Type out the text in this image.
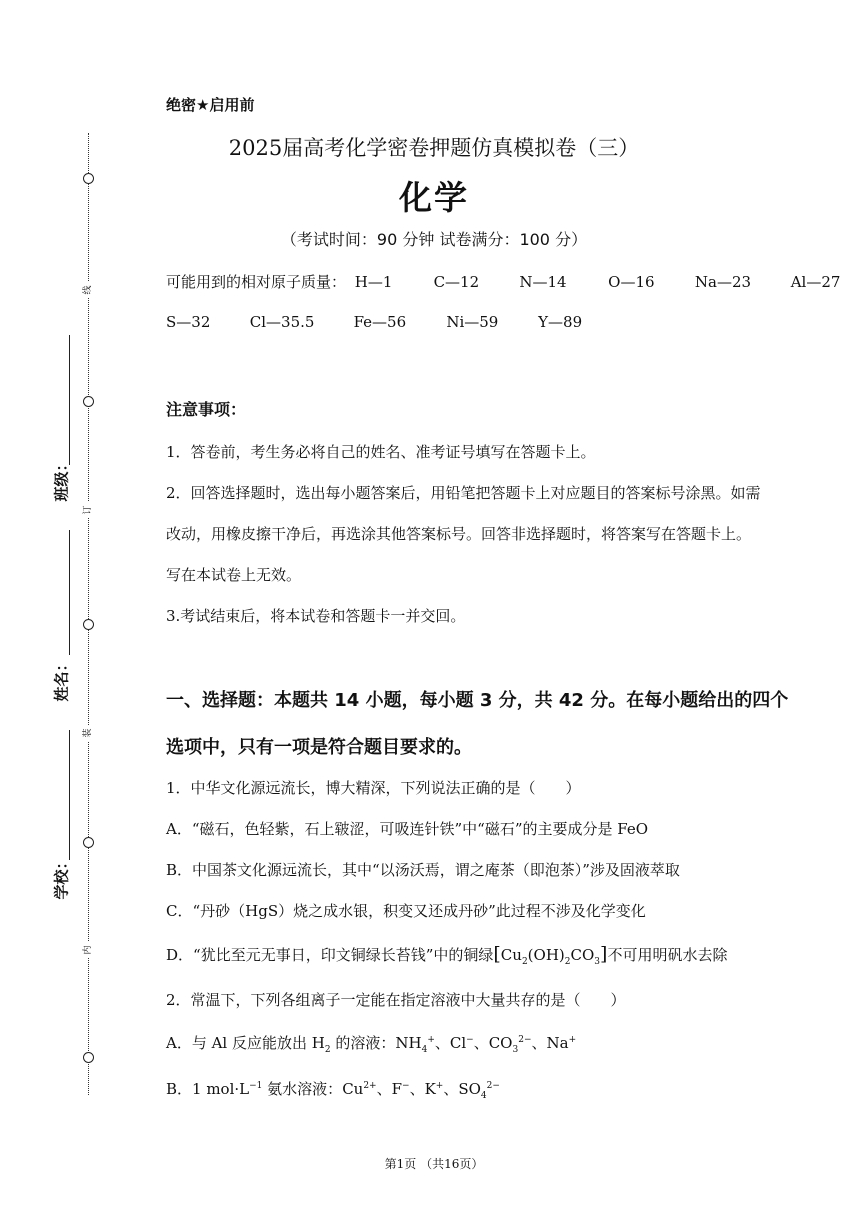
线
订
装
内
班级：
姓名：
学校：
绝密★启用前
2025届高考化学密卷押题仿真模拟卷（三）
化学
（考试时间：90 分钟 试卷满分：100 分）
可能用到的相对原子质量： H—1	C—12	N—14	O—16	Na—23	Al—27
S—32	Cl—35.5	Fe—56	Ni—59	Y—89
注意事项：
1．答卷前，考生务必将自己的姓名、准考证号填写在答题卡上。
2．回答选择题时，选出每小题答案后，用铅笔把答题卡上对应题目的答案标号涂黑。如需
改动，用橡皮擦干净后，再选涂其他答案标号。回答非选择题时，将答案写在答题卡上。
写在本试卷上无效。
3.考试结束后，将本试卷和答题卡一并交回。
一、选择题：本题共 14 小题，每小题 3 分，共 42 分。在每小题给出的四个
选项中，只有一项是符合题目要求的。
1．中华文化源远流长，博大精深，下列说法正确的是（　　）
A．“磁石，色轻紫，石上皲涩，可吸连针铁”中“磁石”的主要成分是 FeO
B．中国茶文化源远流长，其中“以汤沃焉，谓之庵茶（即泡茶）”涉及固液萃取
C．“丹砂（HgS）烧之成水银，积变又还成丹砂”此过程不涉及化学变化
D．“犹比至元无事日，印文铜绿长苔钱”中的铜绿$[Cu_2(OH)_2CO_3]$不可用明矾水去除
2．常温下，下列各组离子一定能在指定溶液中大量共存的是（　　）
A．与 Al 反应能放出 $H_2$ 的溶液：$NH_4^+$、Cl−、$CO_3^{2-}$、Na+
B．1 $mol\cdot L^{-1}$ 氨水溶液：$Cu^{2+}$、F−、K+、$SO_4^{2-}$
第1页 （共16页）
